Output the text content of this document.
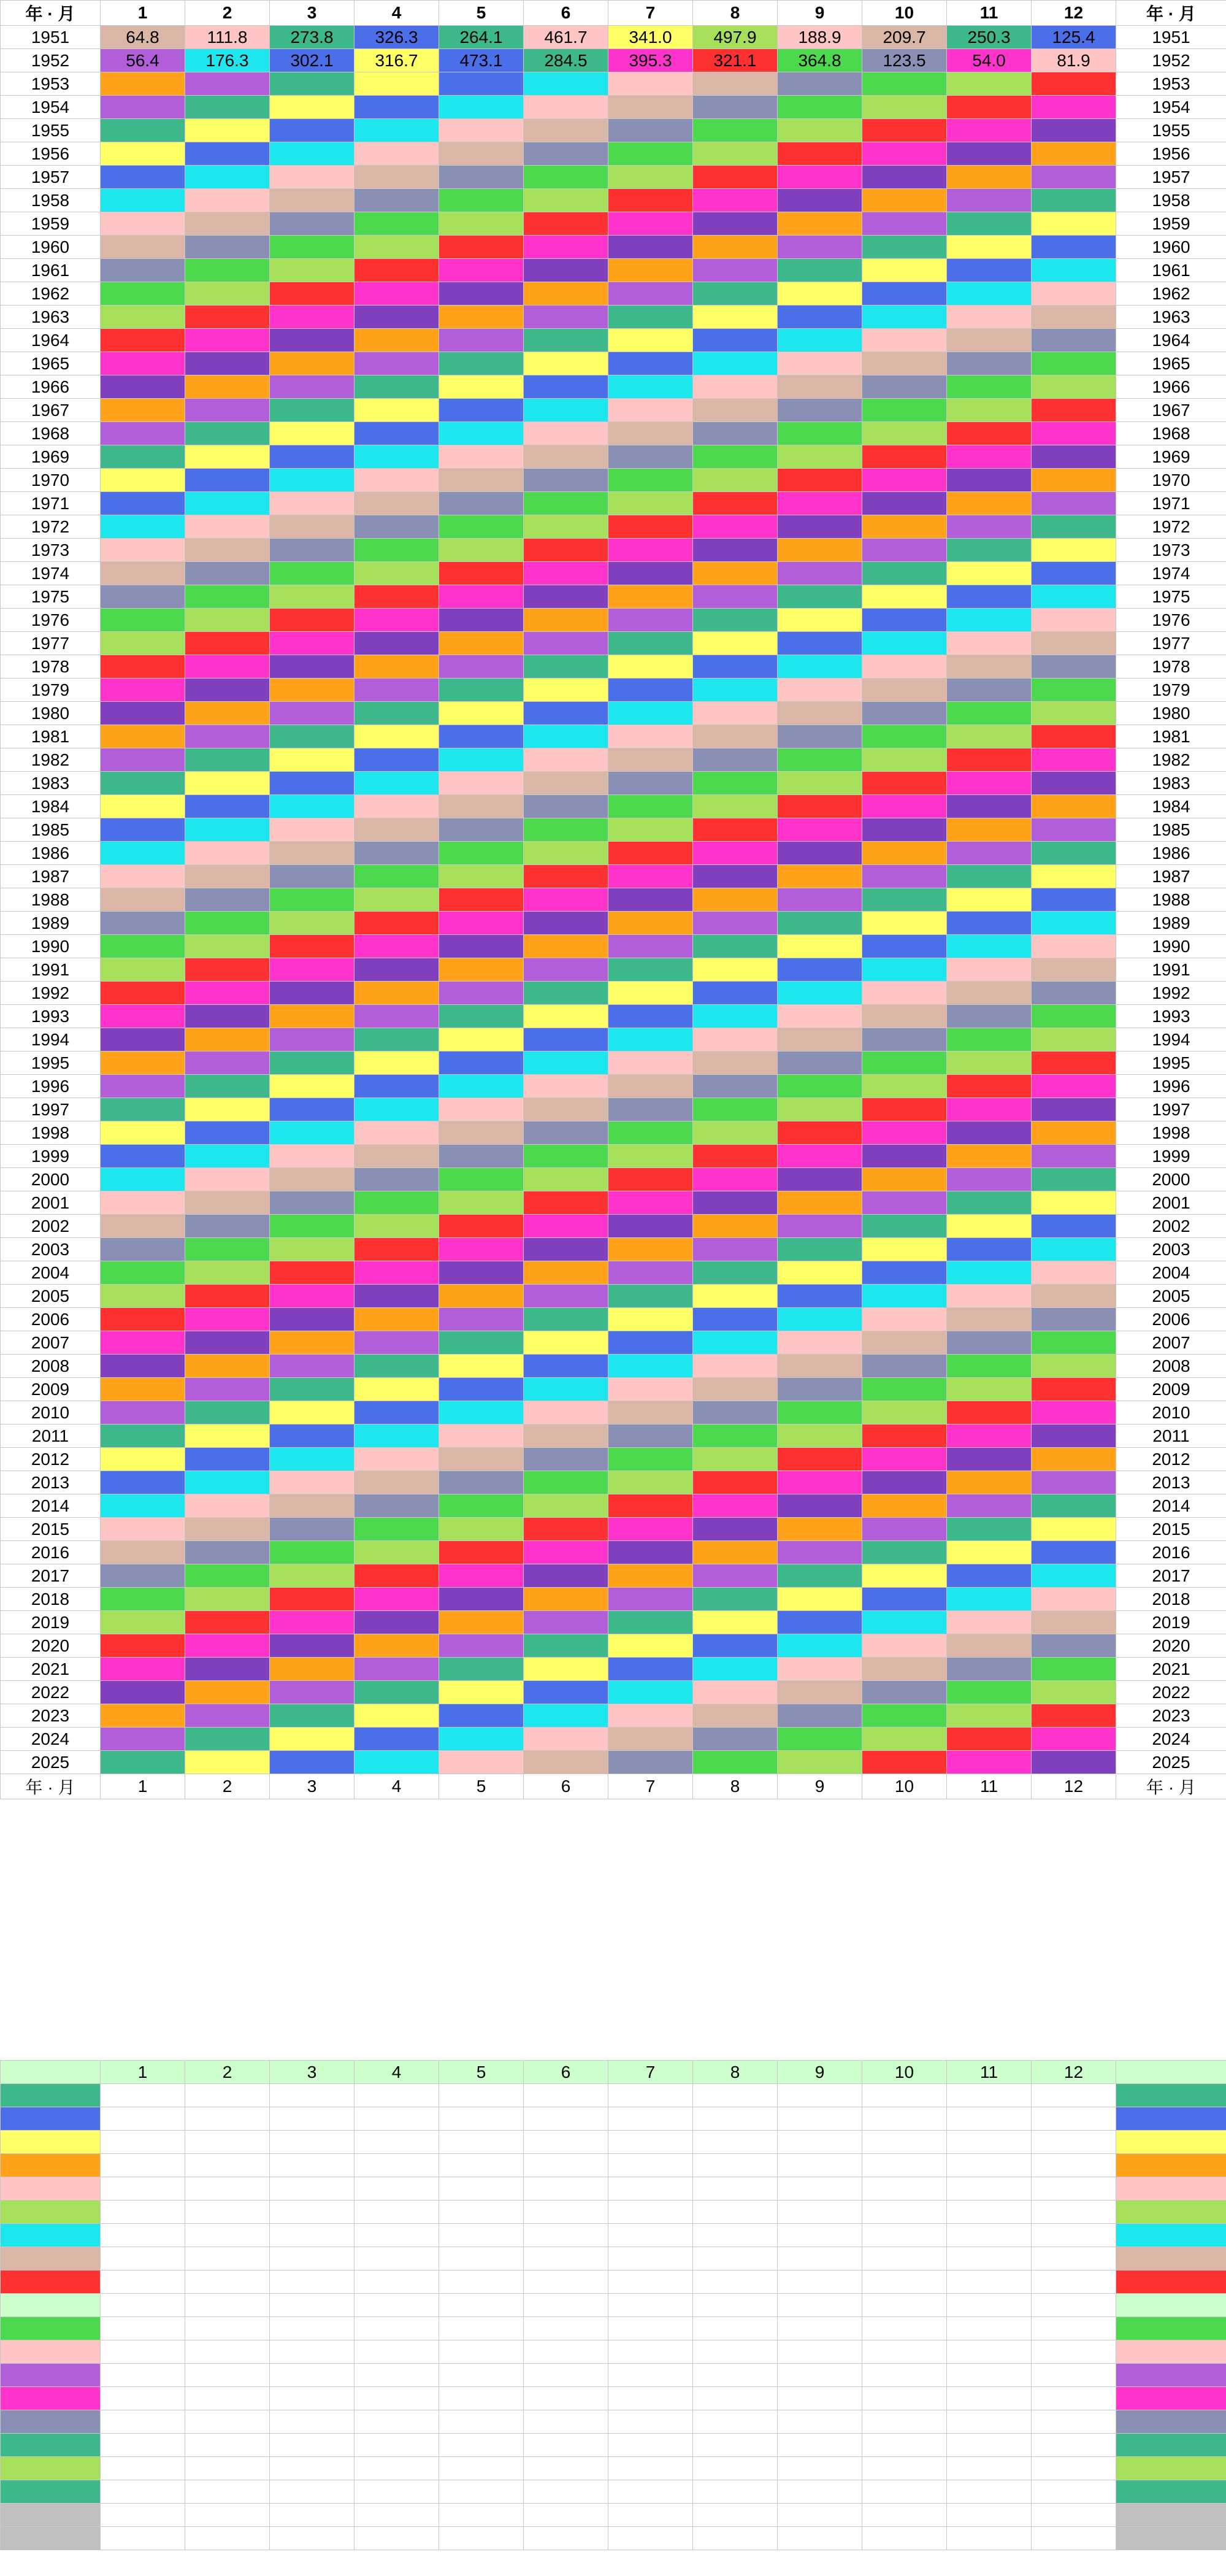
年 · 月	1	2	3	4	5	6	7	8	9	10	11	12	年 · 月
1951	64.8	111.8	273.8	326.3	264.1	461.7	341.0	497.9	188.9	209.7	250.3	125.4	1951
1952	56.4	176.3	302.1	316.7	473.1	284.5	395.3	321.1	364.8	123.5	54.0	81.9	1952
1953													1953
1954													1954
1955													1955
1956													1956
1957													1957
1958													1958
1959													1959
1960													1960
1961													1961
1962													1962
1963													1963
1964													1964
1965													1965
1966													1966
1967													1967
1968													1968
1969													1969
1970													1970
1971													1971
1972													1972
1973													1973
1974													1974
1975													1975
1976													1976
1977													1977
1978													1978
1979													1979
1980													1980
1981													1981
1982													1982
1983													1983
1984													1984
1985													1985
1986													1986
1987													1987
1988													1988
1989													1989
1990													1990
1991													1991
1992													1992
1993													1993
1994													1994
1995													1995
1996													1996
1997													1997
1998													1998
1999													1999
2000													2000
2001													2001
2002													2002
2003													2003
2004													2004
2005													2005
2006													2006
2007													2007
2008													2008
2009													2009
2010													2010
2011													2011
2012													2012
2013													2013
2014													2014
2015													2015
2016													2016
2017													2017
2018													2018
2019													2019
2020													2020
2021													2021
2022													2022
2023													2023
2024													2024
2025													2025
年 · 月	1	2	3	4	5	6	7	8	9	10	11	12	年 · 月
	1	2	3	4	5	6	7	8	9	10	11	12	
